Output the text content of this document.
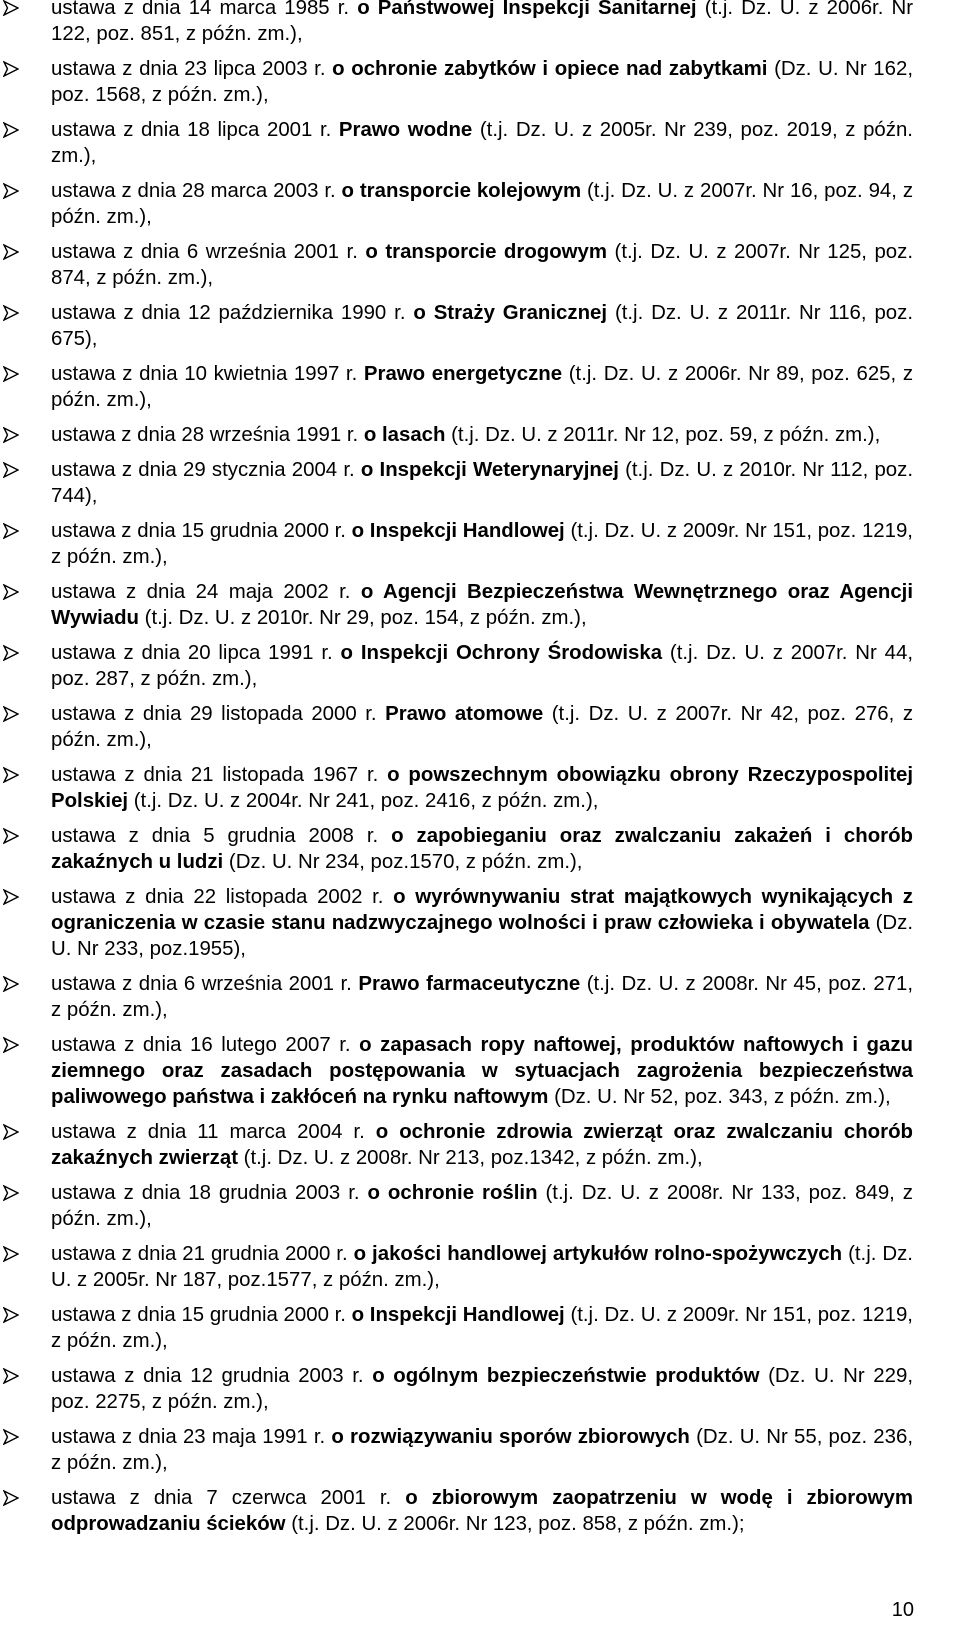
ustawa z dnia 14 marca 1985 r. o Państwowej Inspekcji Sanitarnej (t.j. Dz. U. z 2006r. Nr 122, poz. 851, z późn. zm.),
ustawa z dnia 23 lipca 2003 r. o ochronie zabytków i opiece nad zabytkami (Dz. U. Nr 162, poz. 1568, z późn. zm.),
ustawa z dnia 18 lipca 2001 r. Prawo wodne (t.j. Dz. U. z 2005r. Nr 239, poz. 2019, z późn. zm.),
ustawa z dnia 28 marca 2003 r. o transporcie kolejowym (t.j. Dz. U. z 2007r. Nr 16, poz. 94, z późn. zm.),
ustawa z dnia 6 września 2001 r. o transporcie drogowym (t.j. Dz. U. z 2007r. Nr 125, poz. 874, z późn. zm.),
ustawa z dnia 12 października 1990 r. o Straży Granicznej (t.j. Dz. U. z 2011r. Nr 116, poz. 675),
ustawa z dnia 10 kwietnia 1997 r. Prawo energetyczne (t.j. Dz. U. z 2006r. Nr 89, poz. 625, z późn. zm.),
ustawa z dnia 28 września 1991 r. o lasach (t.j. Dz. U. z 2011r. Nr 12, poz. 59, z późn. zm.),
ustawa z dnia 29 stycznia 2004 r. o Inspekcji Weterynaryjnej (t.j. Dz. U. z 2010r. Nr 112, poz. 744),
ustawa z dnia 15 grudnia 2000 r. o Inspekcji Handlowej (t.j. Dz. U. z 2009r. Nr 151, poz. 1219, z późn. zm.),
ustawa z dnia 24 maja 2002 r. o Agencji Bezpieczeństwa Wewnętrznego oraz Agencji Wywiadu (t.j. Dz. U. z 2010r. Nr 29, poz. 154, z późn. zm.),
ustawa z dnia 20 lipca 1991 r. o Inspekcji Ochrony Środowiska (t.j. Dz. U. z 2007r. Nr 44, poz. 287, z późn. zm.),
ustawa z dnia 29 listopada 2000 r. Prawo atomowe (t.j. Dz. U. z 2007r. Nr 42, poz. 276, z późn. zm.),
ustawa z dnia 21 listopada 1967 r. o powszechnym obowiązku obrony Rzeczypospolitej Polskiej (t.j. Dz. U. z 2004r. Nr 241, poz. 2416, z późn. zm.),
ustawa z dnia 5 grudnia 2008 r. o zapobieganiu oraz zwalczaniu zakażeń i chorób zakaźnych u ludzi (Dz. U. Nr 234, poz.1570, z późn. zm.),
ustawa z dnia 22 listopada 2002 r. o wyrównywaniu strat majątkowych wynikających z ograniczenia w czasie stanu nadzwyczajnego wolności i praw człowieka i obywatela (Dz. U. Nr 233, poz.1955),
ustawa z dnia 6 września 2001 r. Prawo farmaceutyczne (t.j. Dz. U. z 2008r. Nr 45, poz. 271, z późn. zm.),
ustawa z dnia 16 lutego 2007 r. o zapasach ropy naftowej, produktów naftowych i gazu ziemnego oraz zasadach postępowania w sytuacjach zagrożenia bezpieczeństwa paliwowego państwa i zakłóceń na rynku naftowym (Dz. U. Nr 52, poz. 343, z późn. zm.),
ustawa z dnia 11 marca 2004 r. o ochronie zdrowia zwierząt oraz zwalczaniu chorób zakaźnych zwierząt (t.j. Dz. U. z 2008r. Nr 213, poz.1342, z późn. zm.),
ustawa z dnia 18 grudnia 2003 r. o ochronie roślin (t.j. Dz. U. z 2008r. Nr 133, poz. 849, z późn. zm.),
ustawa z dnia 21 grudnia 2000 r. o jakości handlowej artykułów rolno-spożywczych (t.j. Dz. U. z 2005r. Nr 187, poz.1577, z późn. zm.),
ustawa z dnia 15 grudnia 2000 r. o Inspekcji Handlowej (t.j. Dz. U. z 2009r. Nr 151, poz. 1219, z późn. zm.),
ustawa z dnia 12 grudnia 2003 r. o ogólnym bezpieczeństwie produktów (Dz. U. Nr 229, poz. 2275, z późn. zm.),
ustawa z dnia 23 maja 1991 r. o rozwiązywaniu sporów zbiorowych (Dz. U. Nr 55, poz. 236, z późn. zm.),
ustawa z dnia 7 czerwca 2001 r. o zbiorowym zaopatrzeniu w wodę i zbiorowym odprowadzaniu ścieków (t.j. Dz. U. z 2006r. Nr 123, poz. 858, z późn. zm.);
10
